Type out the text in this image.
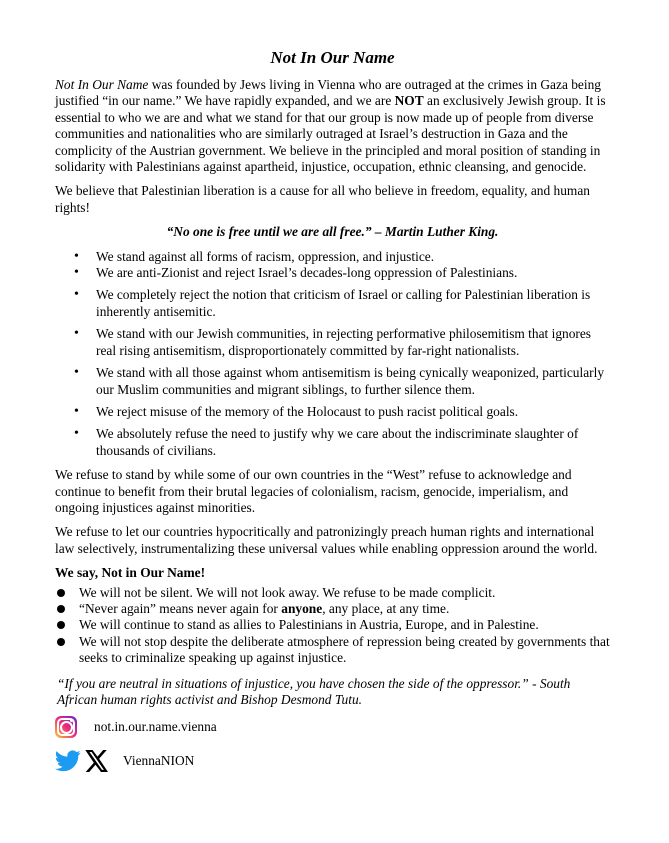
Not In Our Name

Not In Our Name was founded by Jews living in Vienna who are outraged at the crimes in Gaza being justified “in our name.” We have rapidly expanded, and we are NOT an exclusively Jewish group. It is essential to who we are and what we stand for that our group is now made up of people from diverse communities and nationalities who are similarly outraged at Israel’s destruction in Gaza and the complicity of the Austrian government. We believe in the principled and moral position of standing in solidarity with Palestinians against apartheid, injustice, occupation, ethnic cleansing, and genocide.

We believe that Palestinian liberation is a cause for all who believe in freedom, equality, and human rights!

“No one is free until we are all free.” – Martin Luther King.
• We stand against all forms of racism, oppression, and injustice.
• We are anti-Zionist and reject Israel’s decades-long oppression of Palestinians.
• We completely reject the notion that criticism of Israel or calling for Palestinian liberation is inherently antisemitic.
• We stand with our Jewish communities, in rejecting performative philosemitism that ignores real rising antisemitism, disproportionately committed by far-right nationalists.
• We stand with all those against whom antisemitism is being cynically weaponized, particularly our Muslim communities and migrant siblings, to further silence them.
• We reject misuse of the memory of the Holocaust to push racist political goals.
• We absolutely refuse the need to justify why we care about the indiscriminate slaughter of thousands of civilians.

We refuse to stand by while some of our own countries in the “West” refuse to acknowledge and continue to benefit from their brutal legacies of colonialism, racism, genocide, imperialism, and ongoing injustices against minorities.

We refuse to let our countries hypocritically and patronizingly preach human rights and international law selectively, instrumentalizing these universal values while enabling oppression around the world.

We say, Not in Our Name!
We will not be silent. We will not look away. We refuse to be made complicit.
“Never again” means never again for anyone, any place, at any time.
We will continue to stand as allies to Palestinians in Austria, Europe, and in Palestine.
We will not stop despite the deliberate atmosphere of repression being created by governments that seeks to criminalize speaking up against injustice.
“If you are neutral in situations of injustice, you have chosen the side of the oppressor.” - South African human rights activist and Bishop Desmond Tutu.
not.in.our.name.vienna
ViennaNION
